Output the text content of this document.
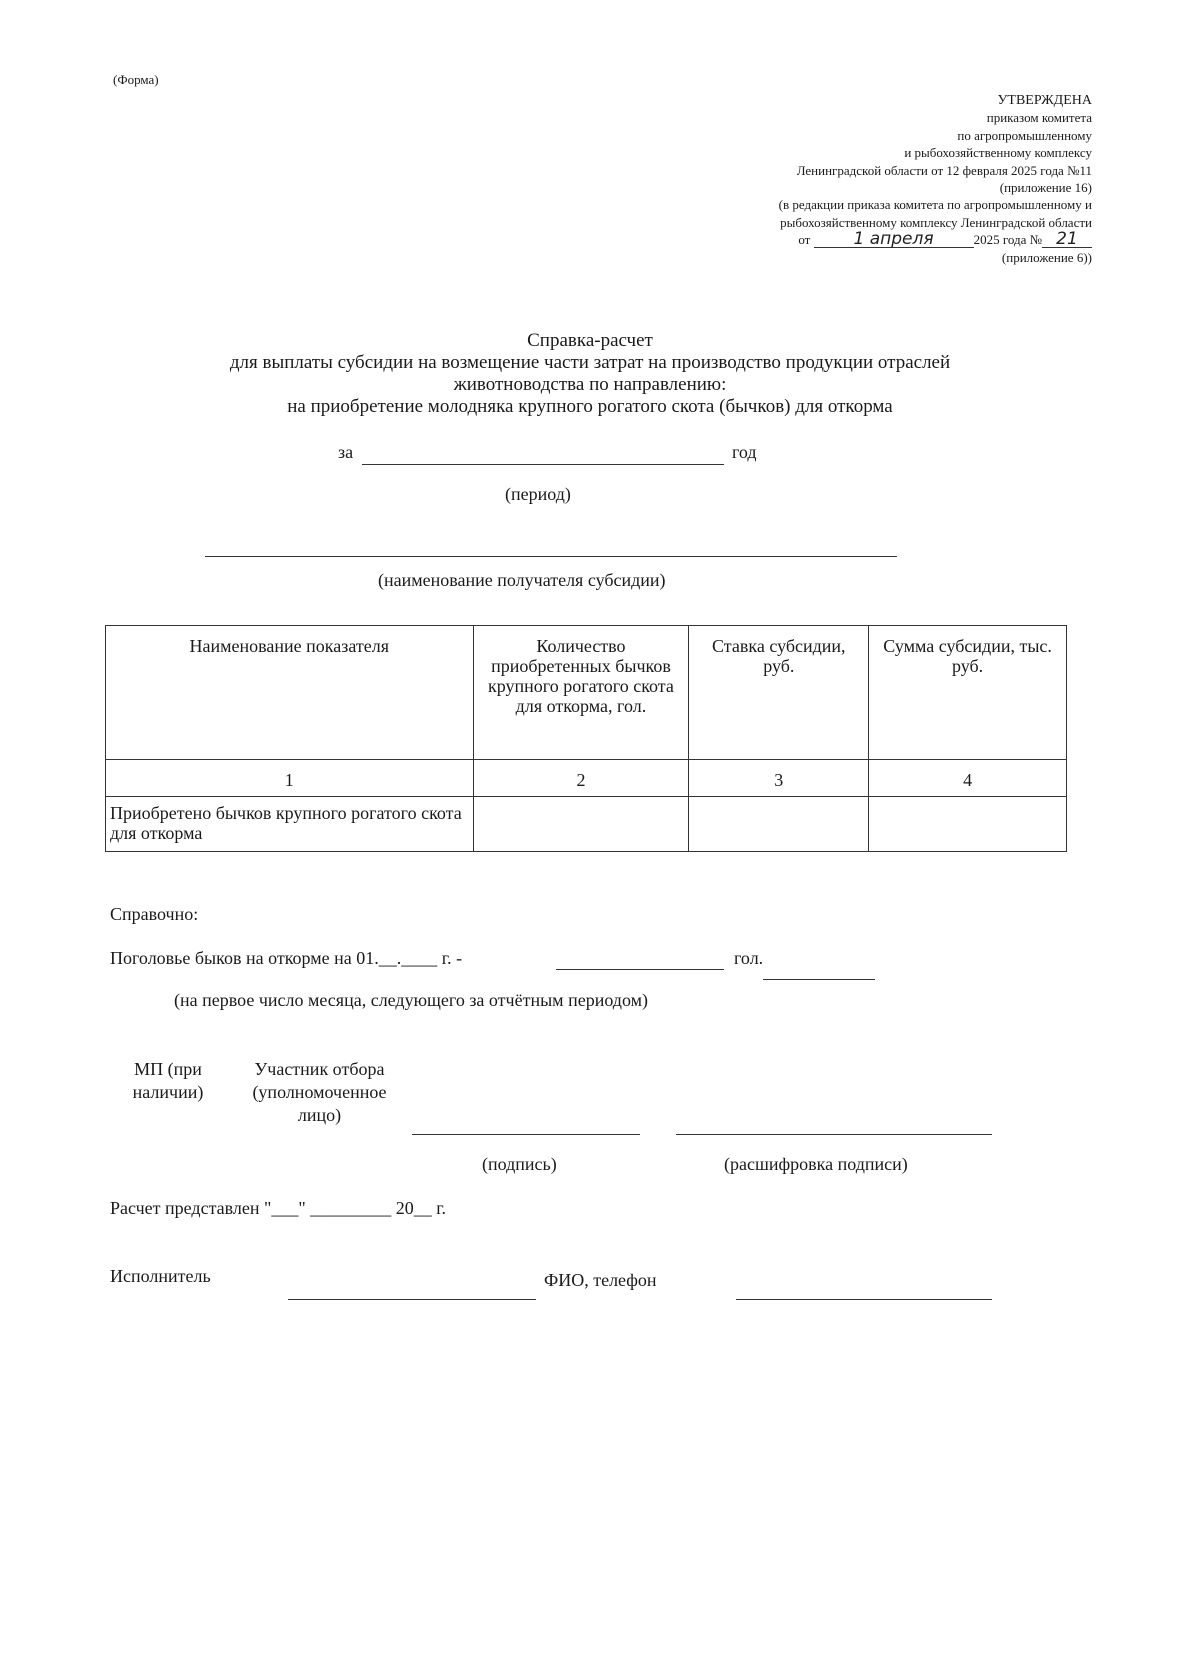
(Форма)
УТВЕРЖДЕНА
приказом комитета
по агропромышленному
и рыбохозяйственному комплексу
Ленинградской области от 12 февраля 2025 года №11
(приложение 16)
(в редакции приказа комитета по агропромышленному и
рыбохозяйственному комплексу Ленинградской области
от	1 апреля	2025 года № 21
(приложение 6))
Справка-расчет
для выплаты субсидии на возмещение части затрат на производство продукции отраслей
животноводства по направлению:
на приобретение молодняка крупного рогатого скота (бычков) для откорма
за	год
(период)
(наименование получателя субсидии)
Наименование показателя	Количество приобретенных бычков крупного рогатого скота для откорма, гол.	Ставка субсидии, руб.	Сумма субсидии, тыс. руб.
1	2	3	4
Приобретено бычков крупного рогатого скота для откорма			
Справочно:
Поголовье быков на откорме на 01.__.____ г. -	гол.
(на первое число месяца, следующего за отчётным периодом)
МП (при наличии)
Участник отбора (уполномоченное лицо)
(подпись)	(расшифровка подписи)
Расчет представлен "___" _________ 20__ г.
Исполнитель	ФИО, телефон
